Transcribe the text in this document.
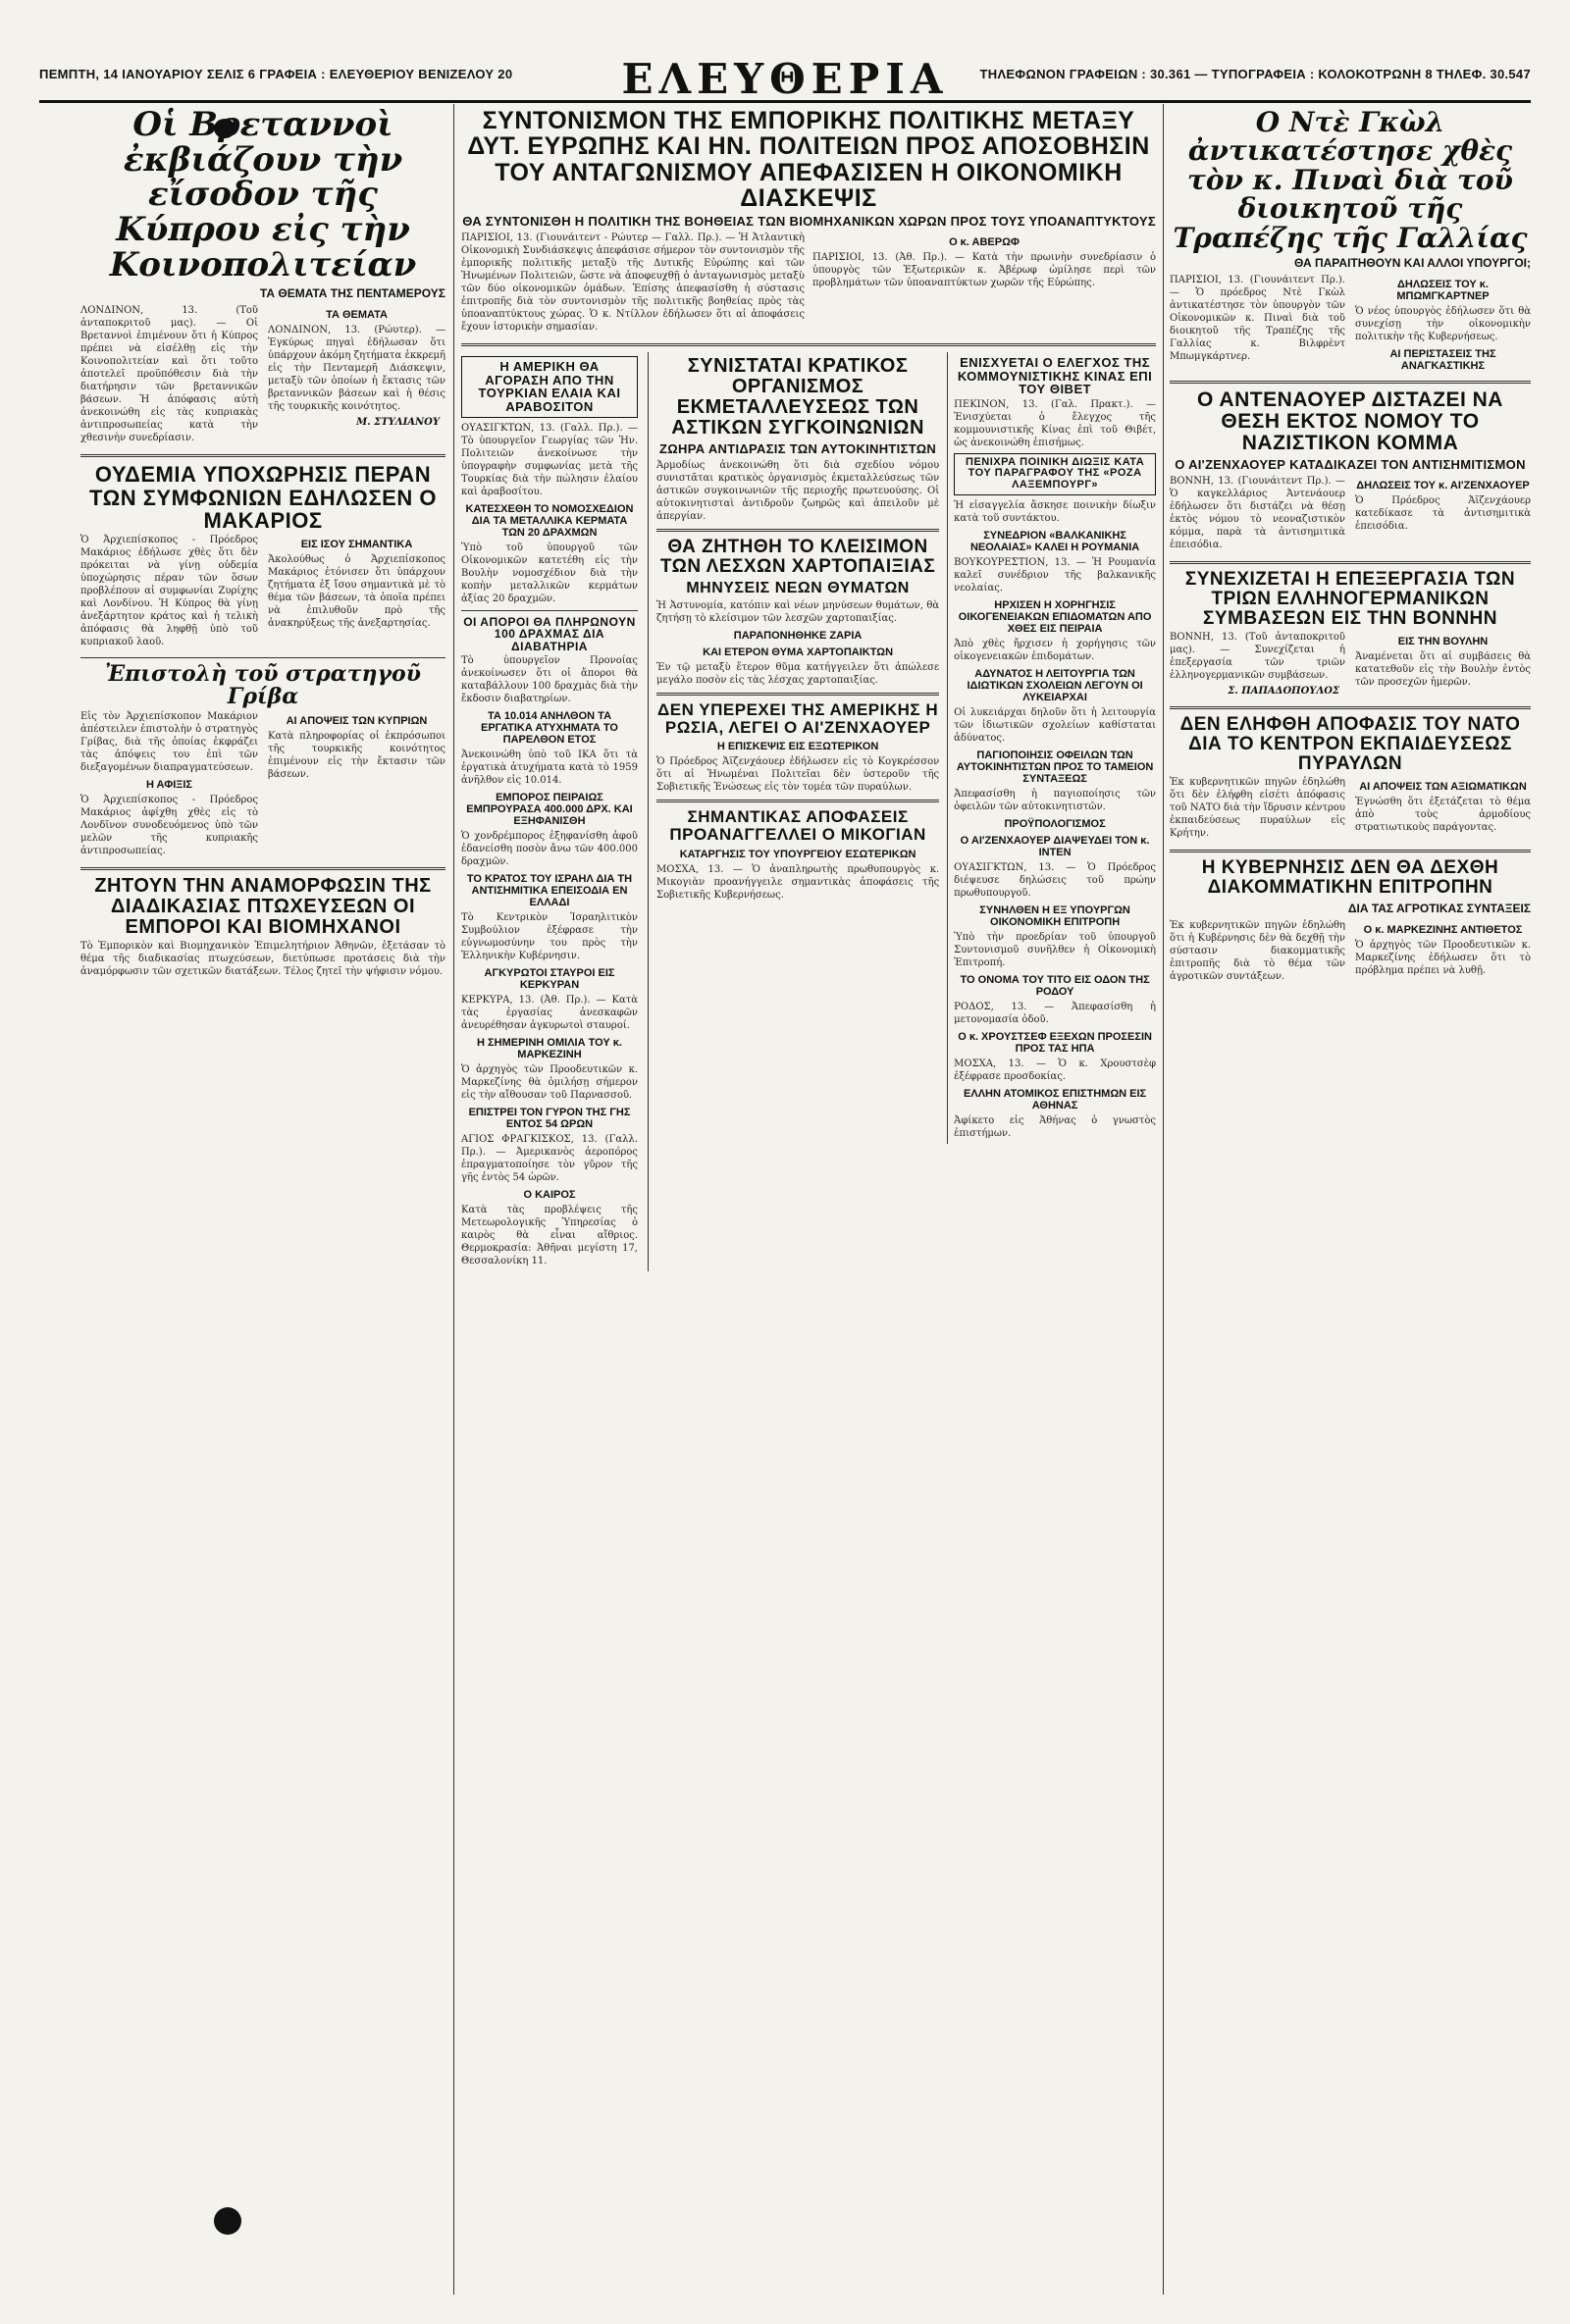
ΠΕΜΠΤΗ, 14 ΙΑΝΟΥΑΡΙΟΥ ΣΕΛΙΣ 6 ΓΡΑΦΕΙΑ : ΕΛΕΥΘΕΡΙΟΥ ΒΕΝΙΖΕΛΟΥ 20	ΕΛΕΥΘΕΡΙΑ	ΤΗΛΕΦΩΝΟΝ ΓΡΑΦΕΙΩΝ : 30.361 — ΤΥΠΟΓΡΑΦΕΙΑ : ΚΟΛΟΚΟΤΡΩΝΗ 8 ΤΗΛΕΦ. 30.547
Οἱ Βρεταννοὶ ἐκβιάζουν τὴν εἴσοδον τῆς Κύπρου εἰς τὴν Κοινοπολιτείαν
ΤΑ ΘΕΜΑΤΑ ΤΗΣ ΠΕΝΤΑΜΕΡΟΥΣ

ΛΟΝΔΙΝΟΝ, 13. (Τοῦ ἀνταποκριτοῦ μας). — Οἱ Βρεταννοὶ ἐπιμένουν ὅτι ἡ Κύπρος πρέπει νὰ εἰσέλθῃ εἰς τὴν Κοινοπολιτείαν καὶ ὅτι τοῦτο ἀποτελεῖ προϋπόθεσιν διὰ τὴν διατήρησιν τῶν βρεταννικῶν βάσεων. Ἡ ἀπόφασις αὐτὴ ἀνεκοινώθη εἰς τὰς κυπριακὰς ἀντιπροσωπείας κατὰ τὴν χθεσινὴν συνεδρίασιν.

ΤΑ ΘΕΜΑΤΑ

ΛΟΝΔΙΝΟΝ, 13. (Ρώυτερ). — Ἐγκύρως πηγαὶ ἐδήλωσαν ὅτι ὑπάρχουν ἀκόμη ζητήματα ἐκκρεμῆ εἰς τὴν Πενταμερῆ Διάσκεψιν, μεταξὺ τῶν ὁποίων ἡ ἔκτασις τῶν βρεταννικῶν βάσεων καὶ ἡ θέσις τῆς τουρκικῆς κοινότητος.

Μ. ΣΤΥΛΙΑΝΟΥ
ΟΥΔΕΜΙΑ ΥΠΟΧΩΡΗΣΙΣ ΠΕΡΑΝ ΤΩΝ ΣΥΜΦΩΝΙΩΝ ΕΔΗΛΩΣΕΝ Ο ΜΑΚΑΡΙΟΣ

Ὁ Ἀρχιεπίσκοπος - Πρόεδρος Μακάριος ἐδήλωσε χθὲς ὅτι δὲν πρόκειται νὰ γίνῃ οὐδεμία ὑποχώρησις πέραν τῶν ὅσων προβλέπουν αἱ συμφωνίαι Ζυρίχης καὶ Λονδίνου. Ἡ Κύπρος θὰ γίνῃ ἀνεξάρτητον κράτος καὶ ἡ τελικὴ ἀπόφασις θὰ ληφθῇ ὑπὸ τοῦ κυπριακοῦ λαοῦ.

ΕΙΣ ΙΣΟΥ ΣΗΜΑΝΤΙΚΑ

Ἀκολούθως ὁ Ἀρχιεπίσκοπος Μακάριος ἐτόνισεν ὅτι ὑπάρχουν ζητήματα ἐξ ἴσου σημαντικὰ μὲ τὸ θέμα τῶν βάσεων, τὰ ὁποῖα πρέπει νὰ ἐπιλυθοῦν πρὸ τῆς ἀνακηρύξεως τῆς ἀνεξαρτησίας.

Ἐπιστολὴ τοῦ στρατηγοῦ Γρίβα

Εἰς τὸν Ἀρχιεπίσκοπον Μακάριον ἀπέστειλεν ἐπιστολὴν ὁ στρατηγὸς Γρίβας, διὰ τῆς ὁποίας ἐκφράζει τὰς ἀπόψεις του ἐπὶ τῶν διεξαγομένων διαπραγματεύσεων.

Η ΑΦΙΞΙΣ

Ὁ Ἀρχιεπίσκοπος - Πρόεδρος Μακάριος ἀφίχθη χθὲς εἰς τὸ Λονδῖνον συνοδευόμενος ὑπὸ τῶν μελῶν τῆς κυπριακῆς ἀντιπροσωπείας.

ΑΙ ΑΠΟΨΕΙΣ ΤΩΝ ΚΥΠΡΙΩΝ

Κατὰ πληροφορίας οἱ ἐκπρόσωποι τῆς τουρκικῆς κοινότητος ἐπιμένουν εἰς τὴν ἔκτασιν τῶν βάσεων.

ΖΗΤΟΥΝ ΤΗΝ ΑΝΑΜΟΡΦΩΣΙΝ ΤΗΣ ΔΙΑΔΙΚΑΣΙΑΣ ΠΤΩΧΕΥΣΕΩΝ ΟΙ ΕΜΠΟΡΟΙ ΚΑΙ ΒΙΟΜΗΧΑΝΟΙ

Τὸ Ἐμπορικὸν καὶ Βιομηχανικὸν Ἐπιμελητήριον Ἀθηνῶν, ἐξετάσαν τὸ θέμα τῆς διαδικασίας πτωχεύσεων, διετύπωσε προτάσεις διὰ τὴν ἀναμόρφωσιν τῶν σχετικῶν διατάξεων. Τέλος ζητεῖ τὴν ψήφισιν νόμου.

ΣΥΝΤΟΝΙΣΜΟΝ ΤΗΣ ΕΜΠΟΡΙΚΗΣ ΠΟΛΙΤΙΚΗΣ ΜΕΤΑΞΥ ΔΥΤ. ΕΥΡΩΠΗΣ ΚΑΙ ΗΝ. ΠΟΛΙΤΕΙΩΝ ΠΡΟΣ ΑΠΟΣΟΒΗΣΙΝ ΤΟΥ ΑΝΤΑΓΩΝΙΣΜΟΥ ΑΠΕΦΑΣΙΣΕΝ Η ΟΙΚΟΝΟΜΙΚΗ ΔΙΑΣΚΕΨΙΣ
ΘΑ ΣΥΝΤΟΝΙΣΘΗ Η ΠΟΛΙΤΙΚΗ ΤΗΣ ΒΟΗΘΕΙΑΣ ΤΩΝ ΒΙΟΜΗΧΑΝΙΚΩΝ ΧΩΡΩΝ ΠΡΟΣ ΤΟΥΣ ΥΠΟΑΝΑΠΤΥΚΤΟΥΣ

ΠΑΡΙΣΙΟΙ, 13. (Γιουνάιτεντ - Ρώυτερ — Γαλλ. Πρ.). — Ἡ Ἀτλαντικὴ Οἰκονομικὴ Συνδιάσκεψις ἀπεφάσισε σήμερον τὸν συντονισμὸν τῆς ἐμπορικῆς πολιτικῆς μεταξὺ τῆς Δυτικῆς Εὐρώπης καὶ τῶν Ἡνωμένων Πολιτειῶν, ὥστε νὰ ἀποφευχθῇ ὁ ἀνταγωνισμὸς μεταξὺ τῶν δύο οἰκονομικῶν ὁμάδων. Ἐπίσης ἀπεφασίσθη ἡ σύστασις ἐπιτροπῆς διὰ τὸν συντονισμὸν τῆς πολιτικῆς βοηθείας πρὸς τὰς ὑποαναπτύκτους χώρας. Ὁ κ. Ντίλλον ἐδήλωσεν ὅτι αἱ ἀποφάσεις ἔχουν ἱστορικὴν σημασίαν.

Ο κ. ΑΒΕΡΩΦ

ΠΑΡΙΣΙΟΙ, 13. (Ἀθ. Πρ.). — Κατὰ τὴν πρωινὴν συνεδρίασιν ὁ ὑπουργὸς τῶν Ἐξωτερικῶν κ. Ἀβέρωφ ὡμίλησε περὶ τῶν προβλημάτων τῶν ὑποαναπτύκτων χωρῶν τῆς Εὐρώπης.

Η ΑΜΕΡΙΚΗ ΘΑ ΑΓΟΡΑΣΗ ΑΠΟ ΤΗΝ ΤΟΥΡΚΙΑΝ ΕΛΑΙΑ ΚΑΙ ΑΡΑΒΟΣΙΤΟΝ

ΟΥΑΣΙΓΚΤΩΝ, 13. (Γαλλ. Πρ.). — Τὸ ὑπουργεῖον Γεωργίας τῶν Ἡν. Πολιτειῶν ἀνεκοίνωσε τὴν ὑπογραφὴν συμφωνίας μετὰ τῆς Τουρκίας διὰ τὴν πώλησιν ἐλαίου καὶ ἀραβοσίτου.

ΚΑΤΕΣΧΕΘΗ ΤΟ ΝΟΜΟΣΧΕΔΙΟΝ ΔΙΑ ΤΑ ΜΕΤΑΛΛΙΚΑ ΚΕΡΜΑΤΑ ΤΩΝ 20 ΔΡΑΧΜΩΝ

Ὑπὸ τοῦ ὑπουργοῦ τῶν Οἰκονομικῶν κατετέθη εἰς τὴν Βουλὴν νομοσχέδιον διὰ τὴν κοπὴν μεταλλικῶν κερμάτων ἀξίας 20 δραχμῶν.

ΟΙ ΑΠΟΡΟΙ ΘΑ ΠΛΗΡΩΝΟΥΝ 100 ΔΡΑΧΜΑΣ ΔΙΑ ΔΙΑΒΑΤΗΡΙΑ

Τὸ ὑπουργεῖον Προνοίας ἀνεκοίνωσεν ὅτι οἱ ἄποροι θὰ καταβάλλουν 100 δραχμὰς διὰ τὴν ἔκδοσιν διαβατηρίων.

ΤΑ 10.014 ΑΝΗΛΘΟΝ ΤΑ ΕΡΓΑΤΙΚΑ ΑΤΥΧΗΜΑΤΑ ΤΟ ΠΑΡΕΛΘΟΝ ΕΤΟΣ

Ἀνεκοινώθη ὑπὸ τοῦ ΙΚΑ ὅτι τὰ ἐργατικὰ ἀτυχήματα κατὰ τὸ 1959 ἀνῆλθον εἰς 10.014.

ΕΜΠΟΡΟΣ ΠΕΙΡΑΙΩΣ ΕΜΠΡΟΥΡΑΣΑ 400.000 ΔΡΧ. ΚΑΙ ΕΞΗΦΑΝΙΣΘΗ

Ὁ χονδρέμπορος ἐξηφανίσθη ἀφοῦ ἐδανείσθη ποσὸν ἄνω τῶν 400.000 δραχμῶν.

ΤΟ ΚΡΑΤΟΣ ΤΟΥ ΙΣΡΑΗΛ ΔΙΑ ΤΗ ΑΝΤΙΣΗΜΙΤΙΚΑ ΕΠΕΙΣΟΔΙΑ ΕΝ ΕΛΛΑΔΙ

Τὸ Κεντρικὸν Ἰσραηλιτικὸν Συμβούλιον ἐξέφρασε τὴν εὐγνωμοσύνην του πρὸς τὴν Ἑλληνικὴν Κυβέρνησιν.

ΑΓΚΥΡΩΤΟΙ ΣΤΑΥΡΟΙ ΕΙΣ ΚΕΡΚΥΡΑΝ

ΚΕΡΚΥΡΑ, 13. (Ἀθ. Πρ.). — Κατὰ τὰς ἐργασίας ἀνεσκαφῶν ἀνευρέθησαν ἀγκυρωτοὶ σταυροί.

Η ΣΗΜΕΡΙΝΗ ΟΜΙΛΙΑ ΤΟΥ κ. ΜΑΡΚΕΖΙΝΗ

Ὁ ἀρχηγὸς τῶν Προοδευτικῶν κ. Μαρκεζίνης θὰ ὁμιλήσῃ σήμερον εἰς τὴν αἴθουσαν τοῦ Παρνασσοῦ.

ΕΠΙΣΤΡΕΙ ΤΟΝ ΓΥΡΟΝ ΤΗΣ ΓΗΣ ΕΝΤΟΣ 54 ΩΡΩΝ

ΑΓΙΟΣ ΦΡΑΓΚΙΣΚΟΣ, 13. (Γαλλ. Πρ.). — Ἀμερικανὸς ἀεροπόρος ἐπραγματοποίησε τὸν γῦρον τῆς γῆς ἐντὸς 54 ὡρῶν.

Ο ΚΑΙΡΟΣ

Κατὰ τὰς προβλέψεις τῆς Μετεωρολογικῆς Ὑπηρεσίας ὁ καιρὸς θὰ εἶναι αἴθριος. Θερμοκρασία: Ἀθῆναι μεγίστη 17, Θεσσαλονίκη 11.

ΣΥΝΙΣΤΑΤΑΙ ΚΡΑΤΙΚΟΣ ΟΡΓΑΝΙΣΜΟΣ ΕΚΜΕΤΑΛΛΕΥΣΕΩΣ ΤΩΝ ΑΣΤΙΚΩΝ ΣΥΓΚΟΙΝΩΝΙΩΝ
ΖΩΗΡΑ ΑΝΤΙΔΡΑΣΙΣ ΤΩΝ ΑΥΤΟΚΙΝΗΤΙΣΤΩΝ

Ἀρμοδίως ἀνεκοινώθη ὅτι διὰ σχεδίου νόμου συνιστᾶται κρατικὸς ὀργανισμὸς ἐκμεταλλεύσεως τῶν ἀστικῶν συγκοινωνιῶν τῆς περιοχῆς πρωτευούσης. Οἱ αὐτοκινητισταὶ ἀντιδροῦν ζωηρῶς καὶ ἀπειλοῦν μὲ ἀπεργίαν.

ΘΑ ΖΗΤΗΘΗ ΤΟ ΚΛΕΙΣΙΜΟΝ ΤΩΝ ΛΕΣΧΩΝ ΧΑΡΤΟΠΑΙΞΙΑΣ
ΜΗΝΥΣΕΙΣ ΝΕΩΝ ΘΥΜΑΤΩΝ

Ἡ Ἀστυνομία, κατόπιν καὶ νέων μηνύσεων θυμάτων, θὰ ζητήσῃ τὸ κλείσιμον τῶν λεσχῶν χαρτοπαιξίας.

ΠΑΡΑΠΟΝΗΘΗΚΕ ΖΑΡΙΑ
ΚΑΙ ΕΤΕΡΟΝ ΘΥΜΑ ΧΑΡΤΟΠΑΙΚΤΩΝ

Ἐν τῷ μεταξὺ ἕτερον θῦμα κατήγγειλεν ὅτι ἀπώλεσε μεγάλο ποσὸν εἰς τὰς λέσχας χαρτοπαιξίας.

ΔΕΝ ΥΠΕΡΕΧΕΙ ΤΗΣ ΑΜΕΡΙΚΗΣ Η ΡΩΣΙΑ, ΛΕΓΕΙ Ο ΑΙ'ΖΕΝΧΑΟΥΕΡ
Η ΕΠΙΣΚΕΨΙΣ ΕΙΣ ΕΞΩΤΕΡΙΚΟΝ

Ὁ Πρόεδρος Ἀϊζενχάουερ ἐδήλωσεν εἰς τὸ Κογκρέσσον ὅτι αἱ Ἡνωμέναι Πολιτεῖαι δὲν ὑστεροῦν τῆς Σοβιετικῆς Ἑνώσεως εἰς τὸν τομέα τῶν πυραύλων.

ΣΗΜΑΝΤΙΚΑΣ ΑΠΟΦΑΣΕΙΣ ΠΡΟΑΝΑΓΓΕΛΛΕΙ Ο ΜΙΚΟΓΙΑΝ
ΚΑΤΑΡΓΗΣΙΣ ΤΟΥ ΥΠΟΥΡΓΕΙΟΥ ΕΣΩΤΕΡΙΚΩΝ

ΜΟΣΧΑ, 13. — Ὁ ἀναπληρωτὴς πρωθυπουργὸς κ. Μικογιὰν προανήγγειλε σημαντικὰς ἀποφάσεις τῆς Σοβιετικῆς Κυβερνήσεως.

ΕΝΙΣΧΥΕΤΑΙ Ο ΕΛΕΓΧΟΣ ΤΗΣ ΚΟΜΜΟΥΝΙΣΤΙΚΗΣ ΚΙΝΑΣ ΕΠΙ ΤΟΥ ΘΙΒΕΤ

ΠΕΚΙΝΟΝ, 13. (Γαλ. Πρακτ.). — Ἐνισχύεται ὁ ἔλεγχος τῆς κομμουνιστικῆς Κίνας ἐπὶ τοῦ Θιβέτ, ὡς ἀνεκοινώθη ἐπισήμως.

ΠΕΝΙΧΡΑ ΠΟΙΝΙΚΗ ΔΙΩΞΙΣ ΚΑΤΑ ΤΟΥ ΠΑΡΑΓΡΑΦΟΥ ΤΗΣ «ΡΟΖΑ ΛΑΞΕΜΠΟΥΡΓ»

Ἡ εἰσαγγελία ἄσκησε ποινικὴν δίωξιν κατὰ τοῦ συντάκτου.

ΣΥΝΕΔΡΙΟΝ «ΒΑΛΚΑΝΙΚΗΣ ΝΕΟΛΑΙΑΣ» ΚΑΛΕΙ Η ΡΟΥΜΑΝΙΑ

ΒΟΥΚΟΥΡΕΣΤΙΟΝ, 13. — Ἡ Ρουμανία καλεῖ συνέδριον τῆς βαλκανικῆς νεολαίας.

ΗΡΧΙΣΕΝ Η ΧΟΡΗΓΗΣΙΣ ΟΙΚΟΓΕΝΕΙΑΚΩΝ ΕΠΙΔΟΜΑΤΩΝ ΑΠΟ ΧΘΕΣ ΕΙΣ ΠΕΙΡΑΙΑ

Ἀπὸ χθὲς ἤρχισεν ἡ χορήγησις τῶν οἰκογενειακῶν ἐπιδομάτων.

ΑΔΥΝΑΤΟΣ Η ΛΕΙΤΟΥΡΓΙΑ ΤΩΝ ΙΔΙΩΤΙΚΩΝ ΣΧΟΛΕΙΩΝ ΛΕΓΟΥΝ ΟΙ ΛΥΚΕΙΑΡΧΑΙ

Οἱ λυκειάρχαι δηλοῦν ὅτι ἡ λειτουργία τῶν ἰδιωτικῶν σχολείων καθίσταται ἀδύνατος.

ΠΑΓΙΟΠΟΙΗΣΙΣ ΟΦΕΙΛΩΝ ΤΩΝ ΑΥΤΟΚΙΝΗΤΙΣΤΩΝ ΠΡΟΣ ΤΟ ΤΑΜΕΙΟΝ ΣΥΝΤΑΞΕΩΣ

Ἀπεφασίσθη ἡ παγιοποίησις τῶν ὀφειλῶν τῶν αὐτοκινητιστῶν.

ΠΡΟΫΠΟΛΟΓΙΣΜΟΣ
Ο ΑΙ'ΖΕΝΧΑΟΥΕΡ ΔΙΑΨΕΥΔΕΙ ΤΟΝ κ. ΙΝΤΕΝ

ΟΥΑΣΙΓΚΤΩΝ, 13. — Ὁ Πρόεδρος διέψευσε δηλώσεις τοῦ πρώην πρωθυπουργοῦ.

ΣΥΝΗΛΘΕΝ Η ΕΞ ΥΠΟΥΡΓΩΝ ΟΙΚΟΝΟΜΙΚΗ ΕΠΙΤΡΟΠΗ

Ὑπὸ τὴν προεδρίαν τοῦ ὑπουργοῦ Συντονισμοῦ συνῆλθεν ἡ Οἰκονομικὴ Ἐπιτροπή.

ΤΟ ΟΝΟΜΑ ΤΟΥ ΤΙΤΟ ΕΙΣ ΟΔΟΝ ΤΗΣ ΡΟΔΟΥ

ΡΟΔΟΣ, 13. — Ἀπεφασίσθη ἡ μετονομασία ὁδοῦ.

Ο κ. ΧΡΟΥΣΤΣΕΦ ΕΞΕΧΩΝ ΠΡΟΣΕΣΙΝ ΠΡΟΣ ΤΑΣ ΗΠΑ

ΜΟΣΧΑ, 13. — Ὁ κ. Χρουστσὲφ ἐξέφρασε προσδοκίας.

ΕΛΛΗΝ ΑΤΟΜΙΚΟΣ ΕΠΙΣΤΗΜΩΝ ΕΙΣ ΑΘΗΝΑΣ

Ἀφίκετο εἰς Ἀθήνας ὁ γνωστὸς ἐπιστήμων.

Ο Ντὲ Γκὼλ ἀντικατέστησε χθὲς τὸν κ. Πιναὶ διὰ τοῦ διοικητοῦ τῆς Τραπέζης τῆς Γαλλίας
ΘΑ ΠΑΡΑΙΤΗΘΟΥΝ ΚΑΙ ΑΛΛΟΙ ΥΠΟΥΡΓΟΙ;

ΠΑΡΙΣΙΟΙ, 13. (Γιουνάιτεντ Πρ.). — Ὁ πρόεδρος Ντὲ Γκὼλ ἀντικατέστησε τὸν ὑπουργὸν τῶν Οἰκονομικῶν κ. Πιναὶ διὰ τοῦ διοικητοῦ τῆς Τραπέζης τῆς Γαλλίας κ. Βιλφρὲντ Μπωμγκάρτνερ.

ΔΗΛΩΣΕΙΣ ΤΟΥ κ. ΜΠΩΜΓΚΑΡΤΝΕΡ

Ὁ νέος ὑπουργὸς ἐδήλωσεν ὅτι θὰ συνεχίσῃ τὴν οἰκονομικὴν πολιτικὴν τῆς Κυβερνήσεως.

ΑΙ ΠΕΡΙΣΤΑΣΕΙΣ ΤΗΣ ΑΝΑΓΚΑΣΤΙΚΗΣ
Ο ΑΝΤΕΝΑΟΥΕΡ ΔΙΣΤΑΖΕΙ ΝΑ ΘΕΣΗ ΕΚΤΟΣ ΝΟΜΟΥ ΤΟ ΝΑΖΙΣΤΙΚΟΝ ΚΟΜΜΑ
Ο ΑΙ'ΖΕΝΧΑΟΥΕΡ ΚΑΤΑΔΙΚΑΖΕΙ ΤΟΝ ΑΝΤΙΣΗΜΙΤΙΣΜΟΝ

ΒΟΝΝΗ, 13. (Γιουνάιτεντ Πρ.). — Ὁ καγκελλάριος Ἀντενάουερ ἐδήλωσεν ὅτι διστάζει νὰ θέσῃ ἐκτὸς νόμου τὸ νεοναζιστικὸν κόμμα, παρὰ τὰ ἀντισημιτικὰ ἐπεισόδια.

ΔΗΛΩΣΕΙΣ ΤΟΥ κ. ΑΙ'ΖΕΝΧΑΟΥΕΡ

Ὁ Πρόεδρος Ἀϊζενχάουερ κατεδίκασε τὰ ἀντισημιτικὰ ἐπεισόδια.

ΣΥΝΕΧΙΖΕΤΑΙ Η ΕΠΕΞΕΡΓΑΣΙΑ ΤΩΝ ΤΡΙΩΝ ΕΛΛΗΝΟΓΕΡΜΑΝΙΚΩΝ ΣΥΜΒΑΣΕΩΝ ΕΙΣ ΤΗΝ ΒΟΝΝΗΝ

ΒΟΝΝΗ, 13. (Τοῦ ἀνταποκριτοῦ μας). — Συνεχίζεται ἡ ἐπεξεργασία τῶν τριῶν ἑλληνογερμανικῶν συμβάσεων.

Σ. ΠΑΠΑΔΟΠΟΥΛΟΣ
ΕΙΣ ΤΗΝ ΒΟΥΛΗΝ

Ἀναμένεται ὅτι αἱ συμβάσεις θὰ κατατεθοῦν εἰς τὴν Βουλὴν ἐντὸς τῶν προσεχῶν ἡμερῶν.

ΔΕΝ ΕΛΗΦΘΗ ΑΠΟΦΑΣΙΣ ΤΟΥ ΝΑΤΟ ΔΙΑ ΤΟ ΚΕΝΤΡΟΝ ΕΚΠΑΙΔΕΥΣΕΩΣ ΠΥΡΑΥΛΩΝ

Ἐκ κυβερνητικῶν πηγῶν ἐδηλώθη ὅτι δὲν ἐλήφθη εἰσέτι ἀπόφασις τοῦ ΝΑΤΟ διὰ τὴν ἵδρυσιν κέντρου ἐκπαιδεύσεως πυραύλων εἰς Κρήτην.

ΑΙ ΑΠΟΨΕΙΣ ΤΩΝ ΑΞΙΩΜΑΤΙΚΩΝ

Ἐγνώσθη ὅτι ἐξετάζεται τὸ θέμα ἀπὸ τοὺς ἀρμοδίους στρατιωτικοὺς παράγοντας.

Η ΚΥΒΕΡΝΗΣΙΣ ΔΕΝ ΘΑ ΔΕΧΘΗ ΔΙΑΚΟΜΜΑΤΙΚΗΝ ΕΠΙΤΡΟΠΗΝ
ΔΙΑ ΤΑΣ ΑΓΡΟΤΙΚΑΣ ΣΥΝΤΑΞΕΙΣ

Ἐκ κυβερνητικῶν πηγῶν ἐδηλώθη ὅτι ἡ Κυβέρνησις δὲν θὰ δεχθῇ τὴν σύστασιν διακομματικῆς ἐπιτροπῆς διὰ τὸ θέμα τῶν ἀγροτικῶν συντάξεων.

Ο κ. ΜΑΡΚΕΖΙΝΗΣ ΑΝΤΙΘΕΤΟΣ

Ὁ ἀρχηγὸς τῶν Προοδευτικῶν κ. Μαρκεζίνης ἐδήλωσεν ὅτι τὸ πρόβλημα πρέπει νὰ λυθῇ.
